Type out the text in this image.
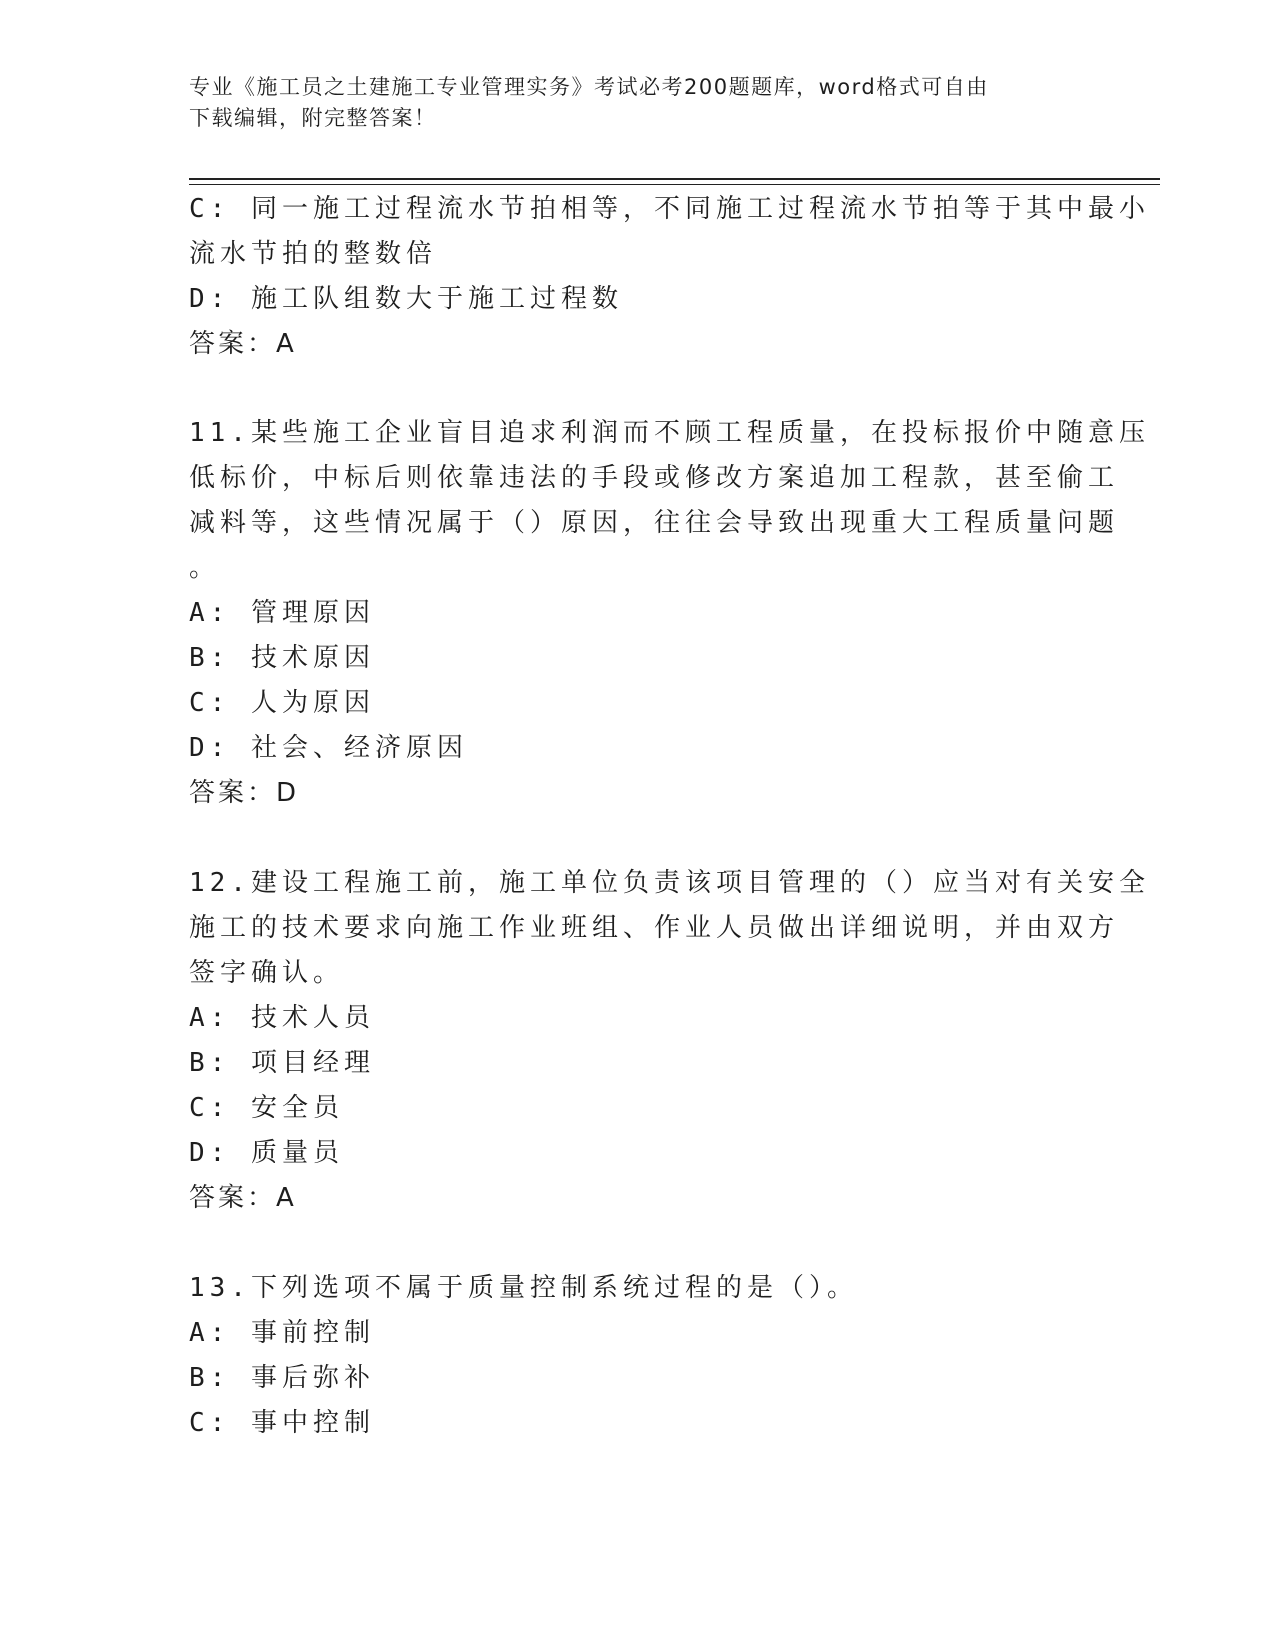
专业《施工员之土建施工专业管理实务》考试必考200题题库，word格式可自由
下载编辑，附完整答案！
C: 同一施工过程流水节拍相等，不同施工过程流水节拍等于其中最小
流水节拍的整数倍
D: 施工队组数大于施工过程数
答案：A
11.某些施工企业盲目追求利润而不顾工程质量，在投标报价中随意压
低标价，中标后则依靠违法的手段或修改方案追加工程款，甚至偷工
减料等，这些情况属于（）原因，往往会导致出现重大工程质量问题
。
A: 管理原因
B: 技术原因
C: 人为原因
D: 社会、经济原因
答案：D
12.建设工程施工前，施工单位负责该项目管理的（）应当对有关安全
施工的技术要求向施工作业班组、作业人员做出详细说明，并由双方
签字确认。
A: 技术人员
B: 项目经理
C: 安全员
D: 质量员
答案：A
13.下列选项不属于质量控制系统过程的是（）。
A: 事前控制
B: 事后弥补
C: 事中控制
